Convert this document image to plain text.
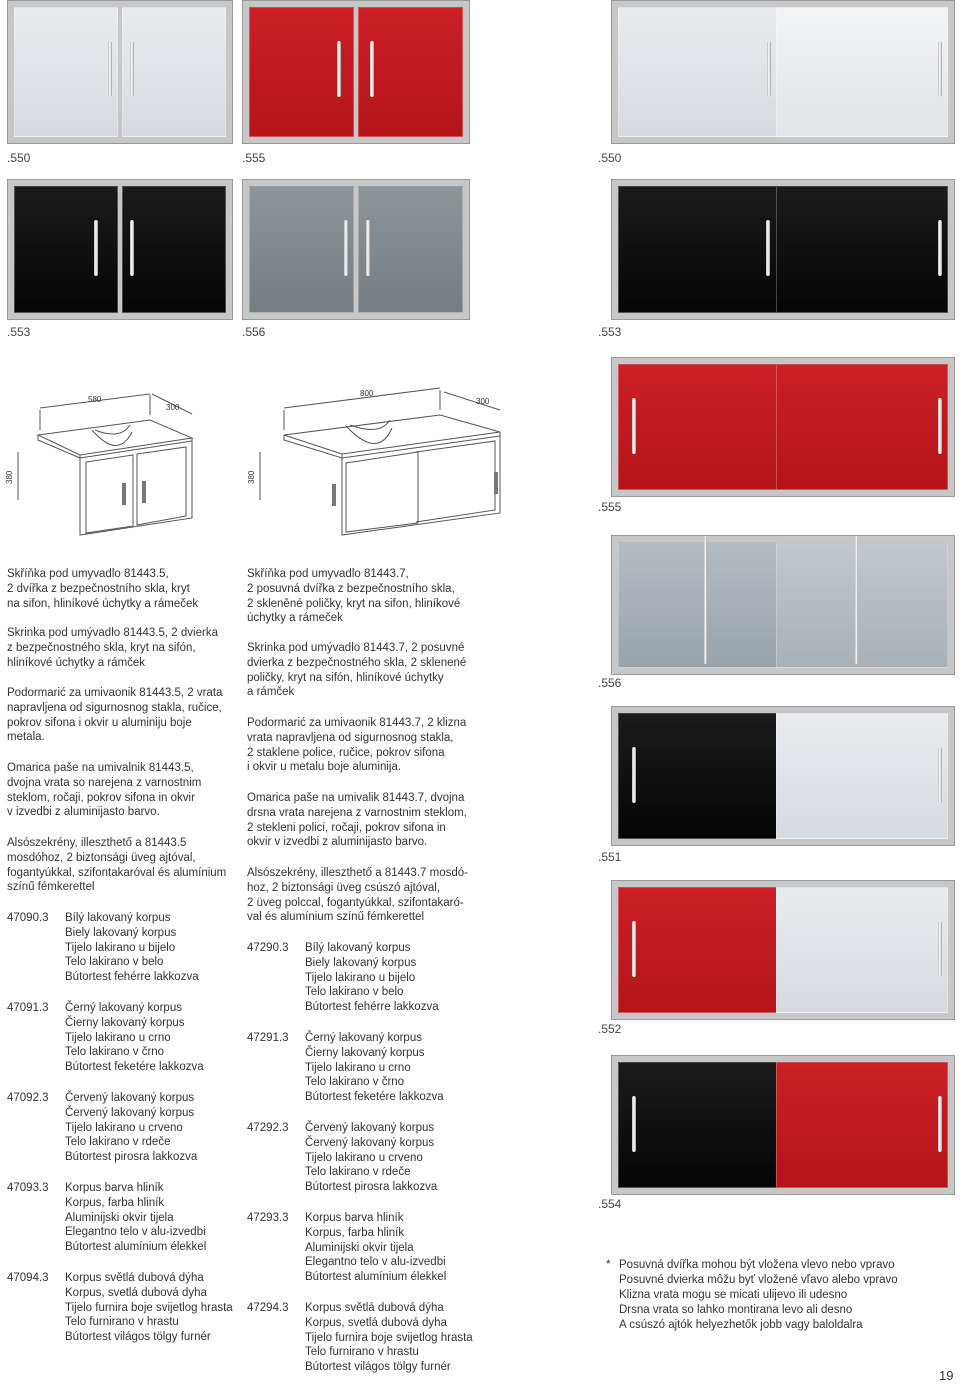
.550	.555	.550
.553	.556	.553
.555
580
300
380
800
300
380

Skříňka pod umyvadlo 81443.5,

2 dvířka z bezpečnostního skla, kryt

na sifon, hliníkové úchytky a rámeček

Skrinka pod umývadlo 81443.5, 2 dvierka

z bezpečnostného skla, kryt na sifón,

hliníkové úchytky a rámček

Podormarić za umivaonik 81443.5, 2 vrata

napravljena od sigurnosnog stakla, ručice,

pokrov sifona i okvir u aluminiju boje

metala.

Omarica paše na umivalnik 81443.5,

dvojna vrata so narejena z varnostnim

steklom, ročaji, pokrov sifona in okvir

v izvedbi z aluminijasto barvo.

Alsószekrény, illeszthető a 81443.5

mosdóhoz, 2 biztonsági üveg ajtóval,

fogantyúkkal, szifontakaróval és alumínium

színű fémkerettel

47090.3 Bílý lakovaný korpus
Biely lakovaný korpus
Tijelo lakirano u bijelo
Telo lakirano v belo
Bútortest fehérre lakkozva
47091.3 Černý lakovaný korpus
Čierny lakovaný korpus
Tijelo lakirano u crno
Telo lakirano v črno
Bútortest feketére lakkozva
47092.3 Červený lakovaný korpus
Červený lakovaný korpus
Tijelo lakirano u crveno
Telo lakirano v rdeče
Bútortest pirosra lakkozva
47093.3 Korpus barva hliník
Korpus, farba hliník
Aluminijski okvir tijela
Elegantno telo v alu-izvedbi
Bútortest alumínium élekkel
47094.3 Korpus světlá dubová dýha
Korpus, svetlá dubová dyha
Tijelo furnira boje svijetlog hrasta
Telo furnirano v hrastu
Bútortest világos tölgy furnér

Skříňka pod umyvadlo 81443.7,

2 posuvná dvířka z bezpečnostního skla,

2 skleněné poličky, kryt na sifon, hliníkové

úchytky a rámeček

Skrinka pod umývadlo 81443.7, 2 posuvné

dvierka z bezpečnostného skla, 2 sklenené

poličky, kryt na sifón, hliníkové úchytky

a rámček

Podormarić za umivaonik 81443.7, 2 klizna

vrata napravljena od sigurnosnog stakla,

2 staklene police, ručice, pokrov sifona

i okvir u metalu boje aluminija.

Omarica paše na umivalik 81443.7, dvojna

drsna vrata narejena z varnostnim steklom,

2 stekleni polici, ročaji, pokrov sifona in

okvir v izvedbi z aluminijasto barvo.

Alsószekrény, illeszthető a 81443.7 mosdó-

hoz, 2 biztonsági üveg csúszó ajtóval,

2 üveg polccal, fogantyúkkal, szifontakaró-

val és alumínium színű fémkerettel

47290.3 Bílý lakovaný korpus
Biely lakovaný korpus
Tijelo lakirano u bijelo
Telo lakirano v belo
Bútortest fehérre lakkozva
47291.3 Černý lakovaný korpus
Čierny lakovaný korpus
Tijelo lakirano u crno
Telo lakirano v črno
Bútortest feketére lakkozva
47292.3 Červený lakovaný korpus
Červený lakovaný korpus
Tijelo lakirano u crveno
Telo lakirano v rdeče
Bútortest pirosra lakkozva
47293.3 Korpus barva hliník
Korpus, farba hliník
Aluminijski okvir tijela
Elegantno telo v alu-izvedbi
Bútortest alumínium élekkel
47294.3 Korpus světlá dubová dýha
Korpus, svetlá dubová dyha
Tijelo furnira boje svijetlog hrasta
Telo furnirano v hrastu
Bútortest világos tölgy furnér
.556
.551
.552
.554
* Posuvná dvířka mohou být vložena vlevo nebo vpravo
Posuvné dvierka môžu byť vložené vľavo alebo vpravo
Klizna vrata mogu se micati ulijevo ili udesno
Drsna vrata so lahko montirana levo ali desno
A csúszó ajtók helyezhetők jobb vagy baloldalra
19
